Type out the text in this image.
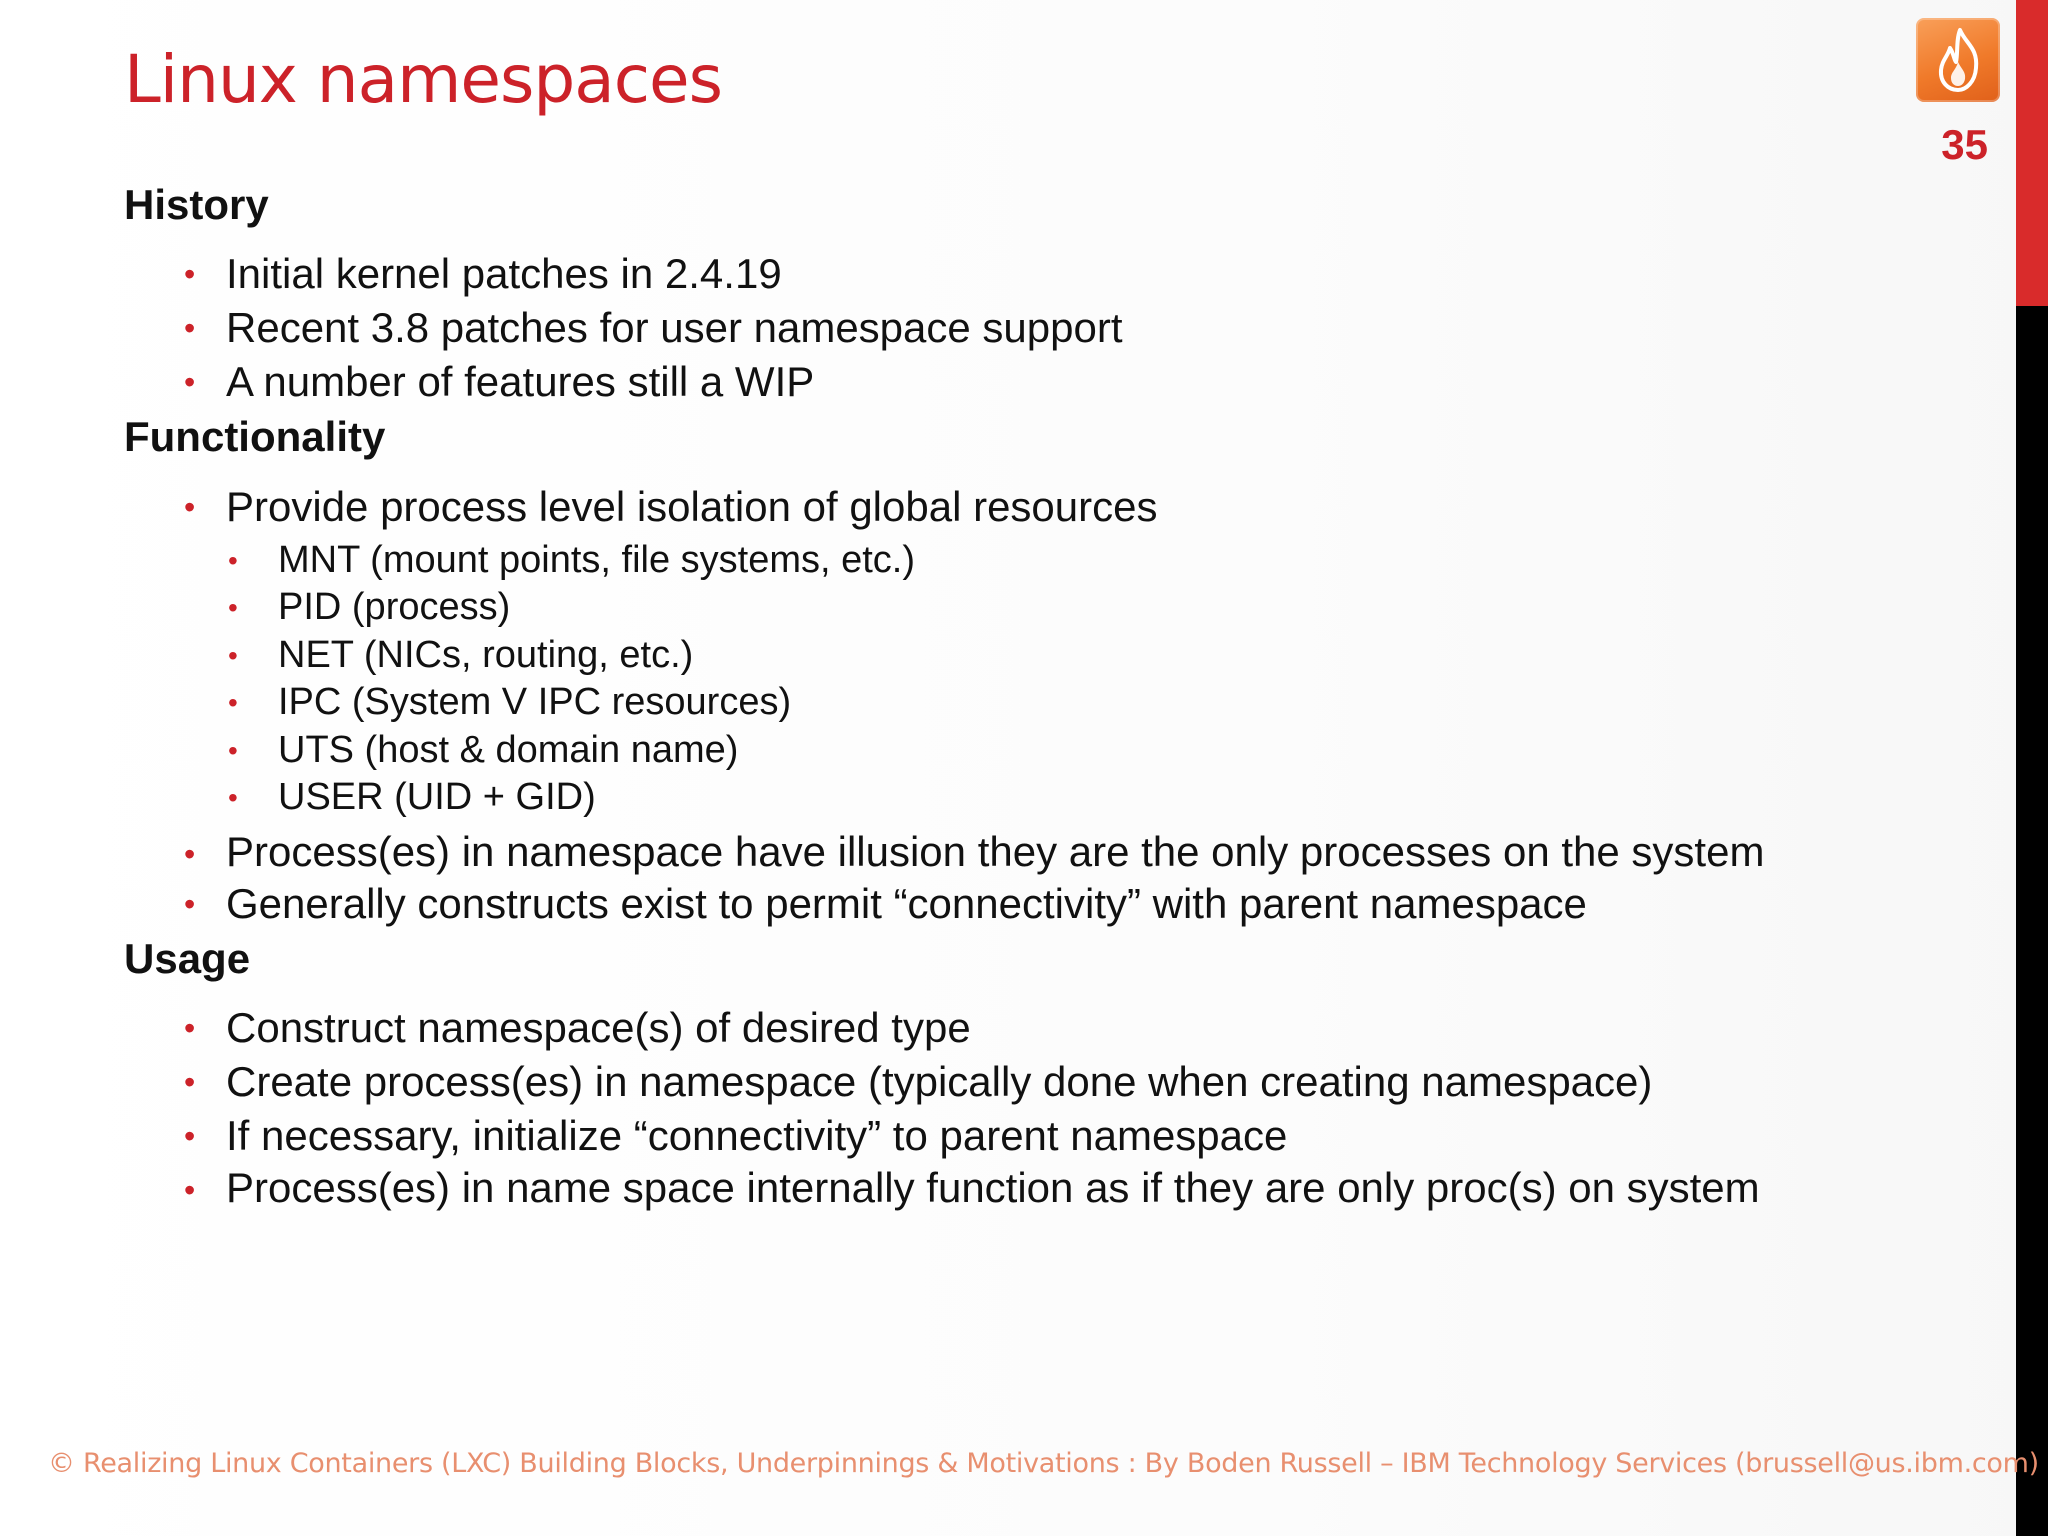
35
Linux namespaces
History
• Initial kernel patches in 2.4.19
• Recent 3.8 patches for user namespace support
• A number of features still a WIP
Functionality
• Provide process level isolation of global resources
• MNT (mount points, file systems, etc.)
• PID (process)
• NET (NICs, routing, etc.)
• IPC (System V IPC resources)
• UTS (host & domain name)
• USER (UID + GID)
• Process(es) in namespace have illusion they are the only processes on the system
• Generally constructs exist to permit “connectivity” with parent namespace
Usage
• Construct namespace(s) of desired type
• Create process(es) in namespace (typically done when creating namespace)
• If necessary, initialize “connectivity” to parent namespace
• Process(es) in name space internally function as if they are only proc(s) on system
© Realizing Linux Containers (LXC) Building Blocks, Underpinnings & Motivations : By Boden Russell – IBM Technology Services (brussell@us.ibm.com)
